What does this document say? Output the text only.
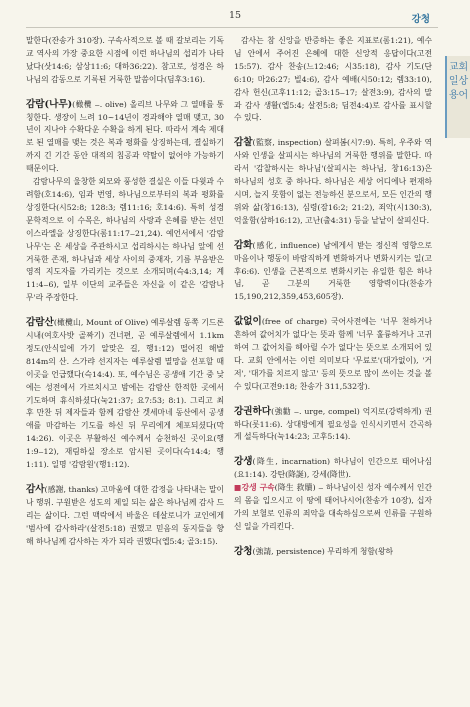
15	강청
교회 일상 용어

말한다(잔송가 310장). 구속사적으로 볼 때 갈보리는 기독교 역사의 가장 중요한 시점에 이런 하나님의 섭리가 나타났다(삿14:6; 삼상11:6; 대하36:22). 참고로, 성경은 하나님의 감동으로 기록된 거룩한 말씀이다(딤후3:16).

감람(나무)(橄欖 ‒. olive) 올리브 나무와 그 열매를 통칭한다. 생장이 느려 10~14년이 경과해야 열매 맺고, 30년이 지나야 수확다운 수확을 하게 된다. 따라서 계속 제대로 된 열매를 맺는 것은 복과 평화를 상징하는데, 결실하기까지 긴 기간 동안 대적의 침공과 약탈이 없어야 가능하기 때문이다.

감람나무의 울창한 외모와 풍성한 결실은 이들 다윗과 수려함(호14:6), 임과 번영, 하나님으로부터의 복과 평화를 상징한다(시52:8; 128:3; 렘11:16; 호14:6). 특히 성경문학적으로 이 수목은, 하나님의 사랑과 은혜를 받는 선민 이스라엘을 상징한다(롬11:17‒21,24). 예언서에서 '감람나무'는 온 세상을 주관하시고 섭리하시는 하나님 앞에 선 거룩한 존재, 하나님과 세상 사이의 중재자, 기름 부음받은 영적 지도자를 가리키는 것으로 소개되며(슥4:3,14; 계11:4‒6), 일부 이단의 교주들은 자신을 이 같은 '감람나무'라 주장한다.

감람산(橄欖山, Mount of Olive) 예루살렘 동쪽 기드론 시내(여호사밧 골짜기) 건너편, 곧 예루살렘에서 1.1km 정도(안식일에 가기 알맞은 길, 행1:12) 떨어진 해발 814m의 산. 스가랴 선지자는 예루살렘 멸망을 선포할 때 이곳을 언급했다(슥14:4). 또, 예수님은 공생애 기간 중 낮에는 성전에서 가르치시고 밤에는 감람산 한적한 곳에서 기도하며 휴식하셨다(눅21:37; 요7:53; 8:1). 그리고 최후 만찬 뒤 제자들과 함께 감람산 겟세마네 동산에서 공생애를 마감하는 기도를 하신 뒤 무리에게 체포되셨다(막14:26). 이곳은 부활하신 예수께서 승천하신 곳이요(행1:9‒12), 재림하실 장소로 암시된 곳이다(슥14:4; 행1:11). 일명 '감람원'(행1:12).

감사(感謝, thanks) 고마움에 대한 감정을 나타내는 말이나 행위. 구원받은 성도의 제일 되는 삶은 하나님께 감사 드리는 삶이다. 그런 맥락에서 바울은 데살로니가 교인에게 '범사에 감사하라'(살전5:18) 권했고 믿음의 동지들을 향해 하나님께 감사하는 자가 되라 권했다(엡5:4; 골3:15).

감사는 참 신앙을 반증하는 좋은 지표로(롬1:21), 예수님 안에서 주어진 은혜에 대한 신앙적 응답이다(고전15:57). 감사 찬송(느12:46; 시35:18), 감사 기도(단6:10; 마26:27; 빌4:6), 감사 예배(시50:12; 렘33:10), 감사 헌신(고후11:12; 골3:15‒17; 살전3:9), 감사의 말과 감사 생활(엡5:4; 살전5:8; 딤전4:4)로 감사를 표시할 수 있다.

감찰(監察, inspection) 살펴봄(시7:9). 특히, 우주와 역사와 인생을 살피시는 하나님의 거룩한 행위를 말한다. 따라서 '감찰하시는 하나님'(살피시는 하나님, 창16:13)은 하나님의 성호 중 하나다. 하나님은 세상 어디에나 편재하시며, 늘지 못함이 없는 전능하신 분으로서, 모든 인간의 행위와 삶(창16:13), 심령(잠16:2; 21:2), 죄악(시130:3), 억울함(삼하16:12), 고난(출4:31) 등을 낱낱이 살피신다.

감화(感化, influence) 남에게서 받는 정신적 영향으로 마음이나 행동이 바람직하게 변화하거나 변화시키는 일(고후6:6). 인생을 근본적으로 변화시키는 유일한 힘은 하나님, 곧 그분의 거룩한 영향력이다(찬송가 15,190,212,359,453,605장).

값없이(free of charge) 국어사전에는 '너무 천하거나 흔하여 값어치가 없다'는 뜻과 함께 '너무 훌륭하거나 고귀하여 그 값어치를 헤아릴 수가 없다'는 뜻으로 소개되어 있다. 교회 안에서는 이런 의미보다 '무료로'(대가없이), '거저', '대가를 치르지 않고' 등의 뜻으로 많이 쓰이는 것을 볼 수 있다(고전9:18; 찬송가 311,532장).

강권하다(強勸 ‒. urge, compel) 억지로(강력하게) 권하다(롯11:6). 상대방에게 필요성을 인식시키면서 간곡하게 설득하다(눅14:23; 고후5:14).

강생(降生, incarnation) 하나님이 인간으로 태어나심(요1:14). 강탄(降誕), 강세(降世).

■강생 구속(降生 救贖) ‒ 하나님이신 성자 예수께서 인간의 몸을 입으시고 이 땅에 태어나시어(찬송가 10장), 십자가의 보혈로 인류의 죄악을 대속하심으로써 인류를 구원하신 일을 가리킨다.

강청(強請, persistence) 무리하게 청함(왕하
